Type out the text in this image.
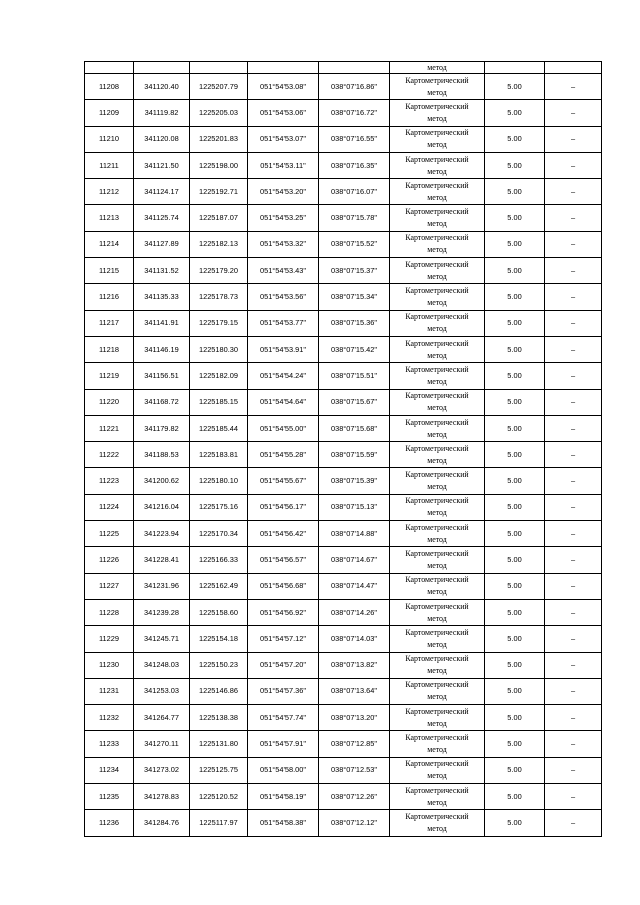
					метод		
11208	341120.40	1225207.79	051°54'53.08"	038°07'16.86"	Картометрический
метод	5.00	–
11209	341119.82	1225205.03	051°54'53.06"	038°07'16.72"	Картометрический
метод	5.00	–
11210	341120.08	1225201.83	051°54'53.07"	038°07'16.55"	Картометрический
метод	5.00	–
11211	341121.50	1225198.00	051°54'53.11"	038°07'16.35"	Картометрический
метод	5.00	–
11212	341124.17	1225192.71	051°54'53.20"	038°07'16.07"	Картометрический
метод	5.00	–
11213	341125.74	1225187.07	051°54'53.25"	038°07'15.78"	Картометрический
метод	5.00	–
11214	341127.89	1225182.13	051°54'53.32"	038°07'15.52"	Картометрический
метод	5.00	–
11215	341131.52	1225179.20	051°54'53.43"	038°07'15.37"	Картометрический
метод	5.00	–
11216	341135.33	1225178.73	051°54'53.56"	038°07'15.34"	Картометрический
метод	5.00	–
11217	341141.91	1225179.15	051°54'53.77"	038°07'15.36"	Картометрический
метод	5.00	–
11218	341146.19	1225180.30	051°54'53.91"	038°07'15.42"	Картометрический
метод	5.00	–
11219	341156.51	1225182.09	051°54'54.24"	038°07'15.51"	Картометрический
метод	5.00	–
11220	341168.72	1225185.15	051°54'54.64"	038°07'15.67"	Картометрический
метод	5.00	–
11221	341179.82	1225185.44	051°54'55.00"	038°07'15.68"	Картометрический
метод	5.00	–
11222	341188.53	1225183.81	051°54'55.28"	038°07'15.59"	Картометрический
метод	5.00	–
11223	341200.62	1225180.10	051°54'55.67"	038°07'15.39"	Картометрический
метод	5.00	–
11224	341216.04	1225175.16	051°54'56.17"	038°07'15.13"	Картометрический
метод	5.00	–
11225	341223.94	1225170.34	051°54'56.42"	038°07'14.88"	Картометрический
метод	5.00	–
11226	341228.41	1225166.33	051°54'56.57"	038°07'14.67"	Картометрический
метод	5.00	–
11227	341231.96	1225162.49	051°54'56.68"	038°07'14.47"	Картометрический
метод	5.00	–
11228	341239.28	1225158.60	051°54'56.92"	038°07'14.26"	Картометрический
метод	5.00	–
11229	341245.71	1225154.18	051°54'57.12"	038°07'14.03"	Картометрический
метод	5.00	–
11230	341248.03	1225150.23	051°54'57.20"	038°07'13.82"	Картометрический
метод	5.00	–
11231	341253.03	1225146.86	051°54'57.36"	038°07'13.64"	Картометрический
метод	5.00	–
11232	341264.77	1225138.38	051°54'57.74"	038°07'13.20"	Картометрический
метод	5.00	–
11233	341270.11	1225131.80	051°54'57.91"	038°07'12.85"	Картометрический
метод	5.00	–
11234	341273.02	1225125.75	051°54'58.00"	038°07'12.53"	Картометрический
метод	5.00	–
11235	341278.83	1225120.52	051°54'58.19"	038°07'12.26"	Картометрический
метод	5.00	–
11236	341284.76	1225117.97	051°54'58.38"	038°07'12.12"	Картометрический
метод	5.00	–
